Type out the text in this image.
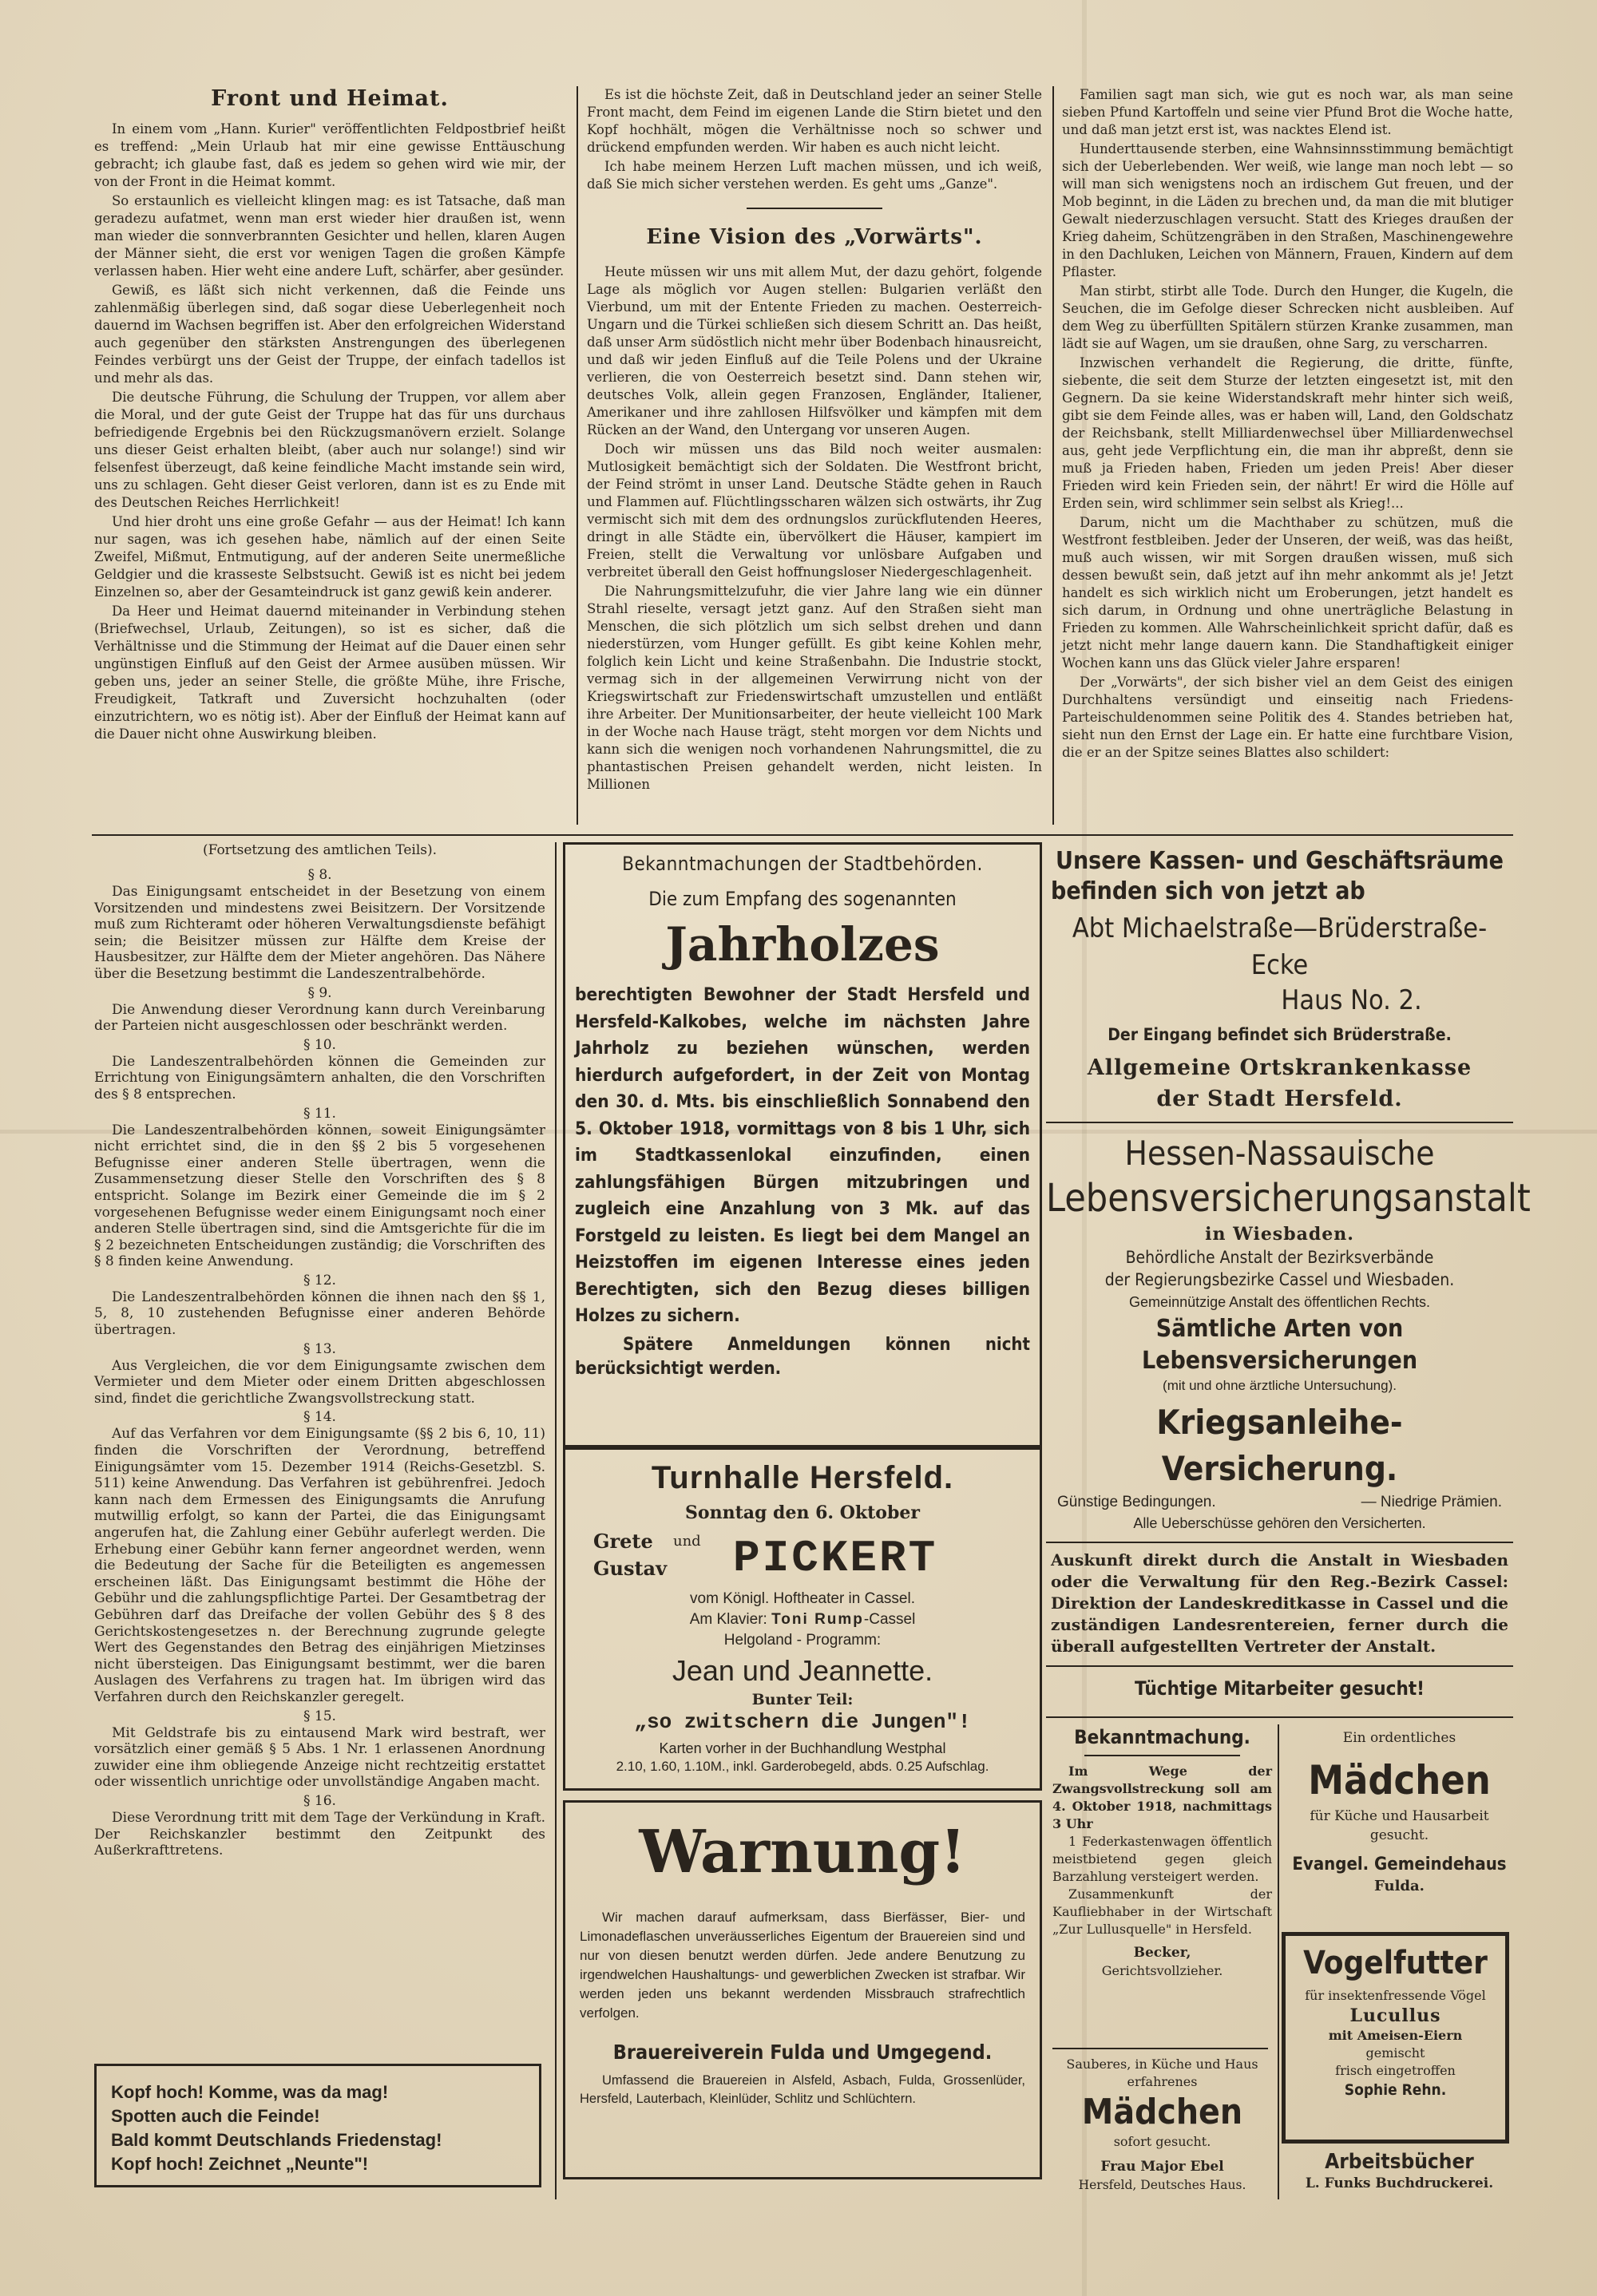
Front und Heimat.

In einem vom „Hann. Kurier" veröffentlichten Feldpostbrief heißt es treffend: „Mein Urlaub hat mir eine gewisse Enttäuschung gebracht; ich glaube fast, daß es jedem so gehen wird wie mir, der von der Front in die Heimat kommt.

So erstaunlich es vielleicht klingen mag: es ist Tatsache, daß man geradezu aufatmet, wenn man erst wieder hier draußen ist, wenn man wieder die sonnverbrannten Gesichter und hellen, klaren Augen der Männer sieht, die erst vor wenigen Tagen die großen Kämpfe verlassen haben. Hier weht eine andere Luft, schärfer, aber gesünder.

Gewiß, es läßt sich nicht verkennen, daß die Feinde uns zahlenmäßig überlegen sind, daß sogar diese Ueberlegenheit noch dauernd im Wachsen begriffen ist. Aber den erfolgreichen Widerstand auch gegenüber den stärksten Anstrengungen des überlegenen Feindes verbürgt uns der Geist der Truppe, der einfach tadellos ist und mehr als das.

Die deutsche Führung, die Schulung der Truppen, vor allem aber die Moral, und der gute Geist der Truppe hat das für uns durchaus befriedigende Ergebnis bei den Rückzugsmanövern erzielt. Solange uns dieser Geist erhalten bleibt, (aber auch nur solange!) sind wir felsenfest überzeugt, daß keine feindliche Macht imstande sein wird, uns zu schlagen. Geht dieser Geist verloren, dann ist es zu Ende mit des Deutschen Reiches Herrlichkeit!

Und hier droht uns eine große Gefahr — aus der Heimat! Ich kann nur sagen, was ich gesehen habe, nämlich auf der einen Seite Zweifel, Mißmut, Entmutigung, auf der anderen Seite unermeßliche Geldgier und die krasseste Selbstsucht. Gewiß ist es nicht bei jedem Einzelnen so, aber der Gesamteindruck ist ganz gewiß kein anderer.

Da Heer und Heimat dauernd miteinander in Verbindung stehen (Briefwechsel, Urlaub, Zeitungen), so ist es sicher, daß die Verhältnisse und die Stimmung der Heimat auf die Dauer einen sehr ungünstigen Einfluß auf den Geist der Armee ausüben müssen. Wir geben uns, jeder an seiner Stelle, die größte Mühe, ihre Frische, Freudigkeit, Tatkraft und Zuversicht hochzuhalten (oder einzutrichtern, wo es nötig ist). Aber der Einfluß der Heimat kann auf die Dauer nicht ohne Auswirkung bleiben.

Es ist die höchste Zeit, daß in Deutschland jeder an seiner Stelle Front macht, dem Feind im eigenen Lande die Stirn bietet und den Kopf hochhält, mögen die Verhältnisse noch so schwer und drückend empfunden werden. Wir haben es auch nicht leicht.

Ich habe meinem Herzen Luft machen müssen, und ich weiß, daß Sie mich sicher verstehen werden. Es geht ums „Ganze".

Eine Vision des „Vorwärts".

Heute müssen wir uns mit allem Mut, der dazu gehört, folgende Lage als möglich vor Augen stellen: Bulgarien verläßt den Vierbund, um mit der Entente Frieden zu machen. Oesterreich-Ungarn und die Türkei schließen sich diesem Schritt an. Das heißt, daß unser Arm südöstlich nicht mehr über Bodenbach hinausreicht, und daß wir jeden Einfluß auf die Teile Polens und der Ukraine verlieren, die von Oesterreich besetzt sind. Dann stehen wir, deutsches Volk, allein gegen Franzosen, Engländer, Italiener, Amerikaner und ihre zahllosen Hilfsvölker und kämpfen mit dem Rücken an der Wand, den Untergang vor unseren Augen.

Doch wir müssen uns das Bild noch weiter ausmalen: Mutlosigkeit bemächtigt sich der Soldaten. Die Westfront bricht, der Feind strömt in unser Land. Deutsche Städte gehen in Rauch und Flammen auf. Flüchtlingsscharen wälzen sich ostwärts, ihr Zug vermischt sich mit dem des ordnungslos zurückflutenden Heeres, dringt in alle Städte ein, übervölkert die Häuser, kampiert im Freien, stellt die Verwaltung vor unlösbare Aufgaben und verbreitet überall den Geist hoffnungsloser Niedergeschlagenheit.

Die Nahrungsmittelzufuhr, die vier Jahre lang wie ein dünner Strahl rieselte, versagt jetzt ganz. Auf den Straßen sieht man Menschen, die sich plötzlich um sich selbst drehen und dann niederstürzen, vom Hunger gefüllt. Es gibt keine Kohlen mehr, folglich kein Licht und keine Straßenbahn. Die Industrie stockt, vermag sich in der allgemeinen Verwirrung nicht von der Kriegswirtschaft zur Friedenswirtschaft umzustellen und entläßt ihre Arbeiter. Der Munitionsarbeiter, der heute vielleicht 100 Mark in der Woche nach Hause trägt, steht morgen vor dem Nichts und kann sich die wenigen noch vorhandenen Nahrungsmittel, die zu phantastischen Preisen gehandelt werden, nicht leisten. In Millionen

Familien sagt man sich, wie gut es noch war, als man seine sieben Pfund Kartoffeln und seine vier Pfund Brot die Woche hatte, und daß man jetzt erst ist, was nacktes Elend ist.

Hunderttausende sterben, eine Wahnsinnsstimmung bemächtigt sich der Ueberlebenden. Wer weiß, wie lange man noch lebt — so will man sich wenigstens noch an irdischem Gut freuen, und der Mob beginnt, in die Läden zu brechen und, da man die mit blutiger Gewalt niederzuschlagen versucht. Statt des Krieges draußen der Krieg daheim, Schützengräben in den Straßen, Maschinengewehre in den Dachluken, Leichen von Männern, Frauen, Kindern auf dem Pflaster.

Man stirbt, stirbt alle Tode. Durch den Hunger, die Kugeln, die Seuchen, die im Gefolge dieser Schrecken nicht ausbleiben. Auf dem Weg zu überfüllten Spitälern stürzen Kranke zusammen, man lädt sie auf Wagen, um sie draußen, ohne Sarg, zu verscharren.

Inzwischen verhandelt die Regierung, die dritte, fünfte, siebente, die seit dem Sturze der letzten eingesetzt ist, mit den Gegnern. Da sie keine Widerstandskraft mehr hinter sich weiß, gibt sie dem Feinde alles, was er haben will, Land, den Goldschatz der Reichsbank, stellt Milliardenwechsel über Milliardenwechsel aus, geht jede Verpflichtung ein, die man ihr abpreßt, denn sie muß ja Frieden haben, Frieden um jeden Preis! Aber dieser Frieden wird kein Frieden sein, der nährt! Er wird die Hölle auf Erden sein, wird schlimmer sein selbst als Krieg!...

Darum, nicht um die Machthaber zu schützen, muß die Westfront festbleiben. Jeder der Unseren, der weiß, was das heißt, muß auch wissen, wir mit Sorgen draußen wissen, muß sich dessen bewußt sein, daß jetzt auf ihn mehr ankommt als je! Jetzt handelt es sich wirklich nicht um Eroberungen, jetzt handelt es sich darum, in Ordnung und ohne unerträgliche Belastung in Frieden zu kommen. Alle Wahrscheinlichkeit spricht dafür, daß es jetzt nicht mehr lange dauern kann. Die Standhaftigkeit einiger Wochen kann uns das Glück vieler Jahre ersparen!

Der „Vorwärts", der sich bisher viel an dem Geist des einigen Durchhaltens versündigt und einseitig nach Friedens-Parteischuldenommen seine Politik des 4. Standes betrieben hat, sieht nun den Ernst der Lage ein. Er hatte eine furchtbare Vision, die er an der Spitze seines Blattes also schildert:

(Fortsetzung des amtlichen Teils).
§ 8.

Das Einigungsamt entscheidet in der Besetzung von einem Vorsitzenden und mindestens zwei Beisitzern. Der Vorsitzende muß zum Richteramt oder höheren Verwaltungsdienste befähigt sein; die Beisitzer müssen zur Hälfte dem Kreise der Hausbesitzer, zur Hälfte dem der Mieter angehören. Das Nähere über die Besetzung bestimmt die Landeszentralbehörde.

§ 9.

Die Anwendung dieser Verordnung kann durch Vereinbarung der Parteien nicht ausgeschlossen oder beschränkt werden.

§ 10.

Die Landeszentralbehörden können die Gemeinden zur Errichtung von Einigungsämtern anhalten, die den Vorschriften des § 8 entsprechen.

§ 11.

Die Landeszentralbehörden können, soweit Einigungsämter nicht errichtet sind, die in den §§ 2 bis 5 vorgesehenen Befugnisse einer anderen Stelle übertragen, wenn die Zusammensetzung dieser Stelle den Vorschriften des § 8 entspricht. Solange im Bezirk einer Gemeinde die im § 2 vorgesehenen Befugnisse weder einem Einigungsamt noch einer anderen Stelle übertragen sind, sind die Amtsgerichte für die im § 2 bezeichneten Entscheidungen zuständig; die Vorschriften des § 8 finden keine Anwendung.

§ 12.

Die Landeszentralbehörden können die ihnen nach den §§ 1, 5, 8, 10 zustehenden Befugnisse einer anderen Behörde übertragen.

§ 13.

Aus Vergleichen, die vor dem Einigungsamte zwischen dem Vermieter und dem Mieter oder einem Dritten abgeschlossen sind, findet die gerichtliche Zwangsvollstreckung statt.

§ 14.

Auf das Verfahren vor dem Einigungsamte (§§ 2 bis 6, 10, 11) finden die Vorschriften der Verordnung, betreffend Einigungsämter vom 15. Dezember 1914 (Reichs-Gesetzbl. S. 511) keine Anwendung. Das Verfahren ist gebührenfrei. Jedoch kann nach dem Ermessen des Einigungsamts die Anrufung mutwillig erfolgt, so kann der Partei, die das Einigungsamt angerufen hat, die Zahlung einer Gebühr auferlegt werden. Die Erhebung einer Gebühr kann ferner angeordnet werden, wenn die Bedeutung der Sache für die Beteiligten es angemessen erscheinen läßt. Das Einigungsamt bestimmt die Höhe der Gebühr und die zahlungspflichtige Partei. Der Gesamtbetrag der Gebühren darf das Dreifache der vollen Gebühr des § 8 des Gerichtskostengesetzes n. der Berechnung zugrunde gelegte Wert des Gegenstandes den Betrag des einjährigen Mietzinses nicht übersteigen. Das Einigungsamt bestimmt, wer die baren Auslagen des Verfahrens zu tragen hat. Im übrigen wird das Verfahren durch den Reichskanzler geregelt.

§ 15.

Mit Geldstrafe bis zu eintausend Mark wird bestraft, wer vorsätzlich einer gemäß § 5 Abs. 1 Nr. 1 erlassenen Anordnung zuwider eine ihm obliegende Anzeige nicht rechtzeitig erstattet oder wissentlich unrichtige oder unvollständige Angaben macht.

§ 16.

Diese Verordnung tritt mit dem Tage der Verkündung in Kraft. Der Reichskanzler bestimmt den Zeitpunkt des Außerkrafttretens.

Kopf hoch! Komme, was da mag!
Spotten auch die Feinde!
Bald kommt Deutschlands Friedenstag!
Kopf hoch! Zeichnet „Neunte"!
Bekanntmachungen der Stadtbehörden.
Die zum Empfang des sogenannten
Jahrholzes
berechtigten Bewohner der Stadt Hersfeld und Hersfeld-Kalkobes, welche im nächsten Jahre Jahrholz zu beziehen wünschen, werden hierdurch aufgefordert, in der Zeit von Montag den 30. d. Mts. bis einschließlich Sonnabend den 5. Oktober 1918, vormittags von 8 bis 1 Uhr, sich im Stadtkassenlokal einzufinden, einen zahlungsfähigen Bürgen mitzubringen und zugleich eine Anzahlung von 3 Mk. auf das Forstgeld zu leisten. Es liegt bei dem Mangel an Heizstoffen im eigenen Interesse eines jeden Berechtigten, sich den Bezug dieses billigen Holzes zu sichern.
Spätere Anmeldungen können nicht berücksichtigt werden.
Turnhalle Hersfeld.
Sonntag den 6. Oktober
Grete und
Gustav PICKERT
vom Königl. Hoftheater in Cassel.
Am Klavier: Toni Rump-Cassel
Helgoland - Programm:
Jean und Jeannette.
Bunter Teil:
„so zwitschern die Jungen"!
Karten vorher in der Buchhandlung Westphal
2.10, 1.60, 1.10M., inkl. Garderobegeld, abds. 0.25 Aufschlag.
Warnung!
Wir machen darauf aufmerksam, dass Bierfässer, Bier- und Limonadeflaschen unveräusserliches Eigentum der Brauereien sind und nur von diesen benutzt werden dürfen. Jede andere Benutzung zu irgendwelchen Haushaltungs- und gewerblichen Zwecken ist strafbar. Wir werden jeden uns bekannt werdenden Missbrauch strafrechtlich verfolgen.
Brauereiverein Fulda und Umgegend.
Umfassend die Brauereien in Alsfeld, Asbach, Fulda, Grossenlüder, Hersfeld, Lauterbach, Kleinlüder, Schlitz und Schlüchtern.
Unsere Kassen- und Geschäftsräume
befinden sich von jetzt ab
Abt Michaelstraße—Brüderstraße-Ecke
Haus No. 2.
Der Eingang befindet sich Brüderstraße.
Allgemeine Ortskrankenkasse
der Stadt Hersfeld.
Hessen-Nassauische
Lebensversicherungsanstalt
in Wiesbaden.
Behördliche Anstalt der Bezirksverbände
der Regierungsbezirke Cassel und Wiesbaden.
Gemeinnützige Anstalt des öffentlichen Rechts.
Sämtliche Arten von Lebensversicherungen
(mit und ohne ärztliche Untersuchung).
Kriegsanleihe-Versicherung.
Günstige Bedingungen.	— Niedrige Prämien.
Alle Ueberschüsse gehören den Versicherten.
Auskunft direkt durch die Anstalt in Wiesbaden oder die Verwaltung für den Reg.-Bezirk Cassel: Direktion der Landeskreditkasse in Cassel und die zuständigen Landesrentereien, ferner durch die überall aufgestellten Vertreter der Anstalt.
Tüchtige Mitarbeiter gesucht!
Bekanntmachung.
Im Wege der Zwangsvollstreckung soll am 4. Oktober 1918, nachmittags 3 Uhr
1 Federkastenwagen öffentlich meistbietend gegen gleich Barzahlung versteigert werden.
Zusammenkunft der Kaufliebhaber in der Wirtschaft „Zur Lullusquelle" in Hersfeld.
Becker,
Gerichtsvollzieher.
Sauberes, in Küche und Haus erfahrenes
Mädchen
sofort gesucht.
Frau Major Ebel
Hersfeld, Deutsches Haus.
Ein ordentliches
Mädchen
für Küche und Hausarbeit gesucht.
Evangel. Gemeindehaus
Fulda.
Vogelfutter
für insektenfressende Vögel
Lucullus
mit Ameisen-Eiern
gemischt
frisch eingetroffen
Sophie Rehn.
Arbeitsbücher
L. Funks Buchdruckerei.
